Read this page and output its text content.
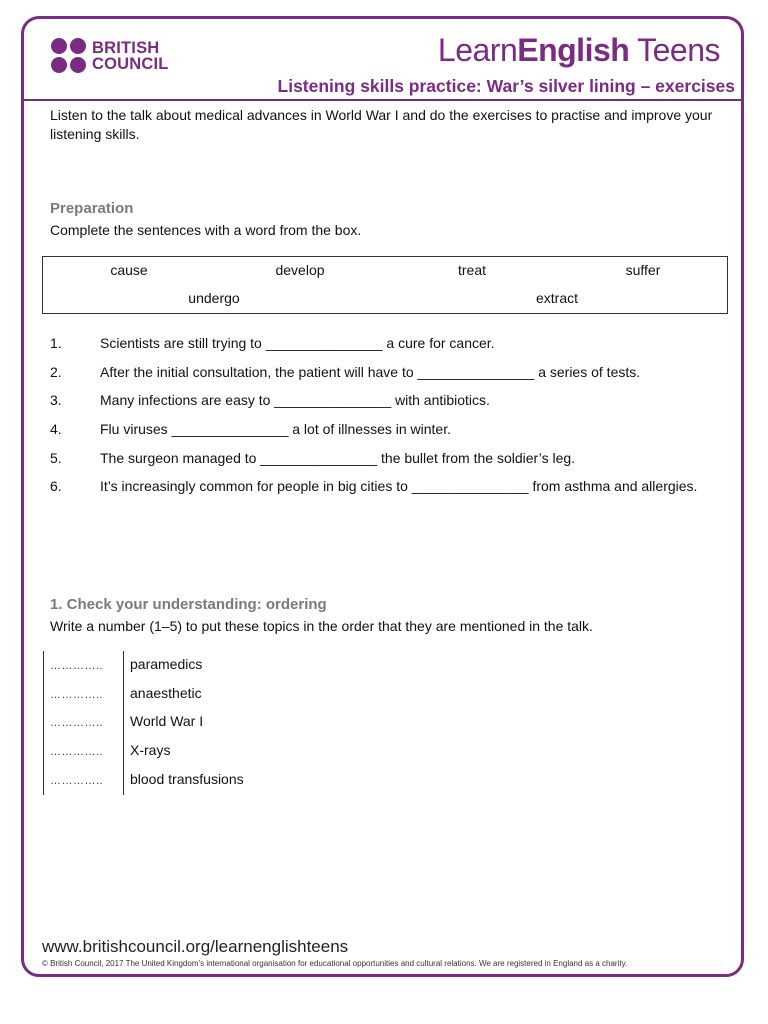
BRITISH
COUNCIL	LearnEnglish Teens
Listening skills practice: War’s silver lining – exercises
Listen to the talk about medical advances in World War I and do the exercises to practise and improve your listening skills.
Preparation
Complete the sentences with a word from the box.
cause	develop	treat	suffer
undergo	extract
1.	Scientists are still trying to _______________ a cure for cancer.
2.	After the initial consultation, the patient will have to _______________ a series of tests.
3.	Many infections are easy to _______________ with antibiotics.
4.	Flu viruses _______________ a lot of illnesses in winter.
5.	The surgeon managed to _______________ the bullet from the soldier’s leg.
6.	It’s increasingly common for people in big cities to _______________ from asthma and allergies.
1. Check your understanding: ordering
Write a number (1–5) to put these topics in the order that they are mentioned in the talk.
………….. paramedics
………….. anaesthetic
………….. World War I
………….. X-rays
………….. blood transfusions
www.britishcouncil.org/learnenglishteens
© British Council, 2017 The United Kingdom’s international organisation for educational opportunities and cultural relations. We are registered in England as a charity.
